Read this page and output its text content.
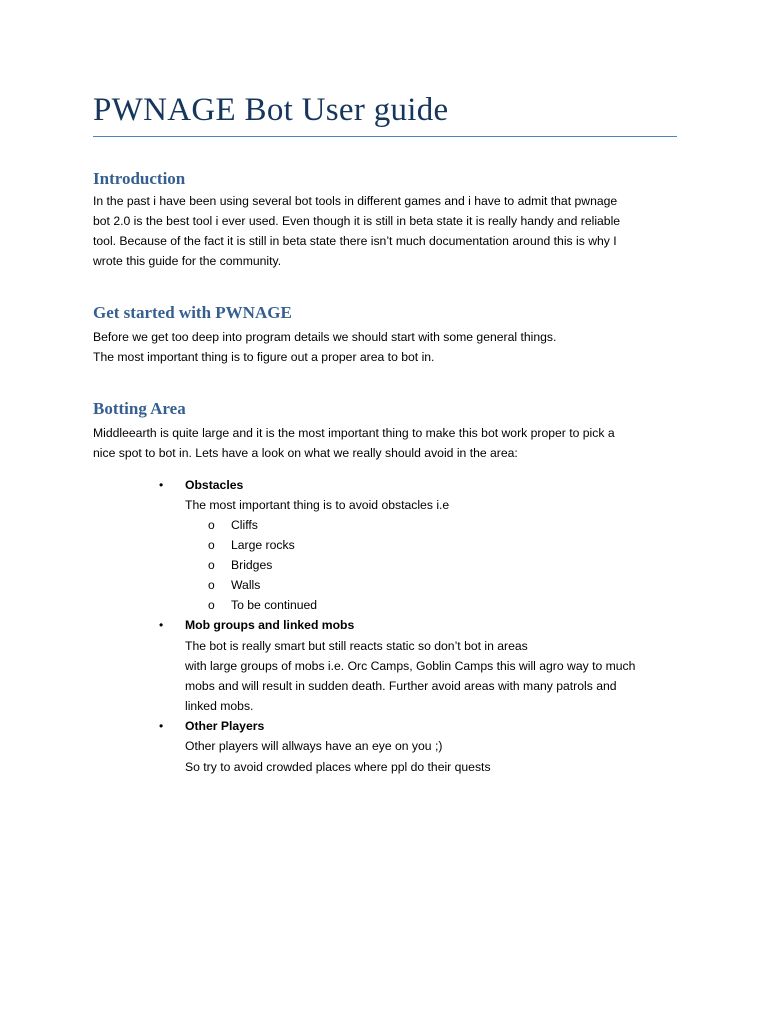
PWNAGE Bot User guide
Introduction
In the past i have been using several bot tools in different games and i have to admit that pwnage
bot 2.0 is the best tool i ever used. Even though it is still in beta state it is really handy and reliable
tool. Because of the fact it is still in beta state there isn’t much documentation around this is why I
wrote this guide for the community.
Get started with PWNAGE
Before we get too deep into program details we should start with some general things.
The most important thing is to figure out a proper area to bot in.
Botting Area
Middleearth is quite large and it is the most important thing to make this bot work proper to pick a
nice spot to bot in. Lets have a look on what we really should avoid in the area:
• Obstacles
The most important thing is to avoid obstacles i.e
o Cliffs
o Large rocks
o Bridges
o Walls
o To be continued
• Mob groups and linked mobs
The bot is really smart but still reacts static so don’t bot in areas
with large groups of mobs i.e. Orc Camps, Goblin Camps this will agro way to much
mobs and will result in sudden death. Further avoid areas with many patrols and
linked mobs.
• Other Players
Other players will allways have an eye on you ;)
So try to avoid crowded places where ppl do their quests
